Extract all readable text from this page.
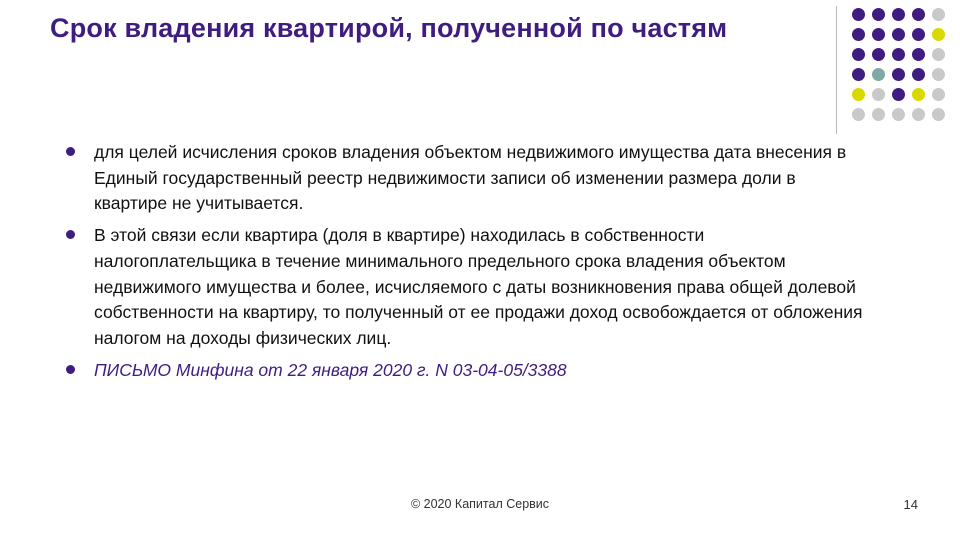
Срок владения квартирой, полученной по частям
для целей исчисления сроков владения объектом недвижимого имущества дата внесения в Единый государственный реестр недвижимости записи об изменении размера доли в квартире не учитывается.
В этой связи если квартира (доля в квартире) находилась в собственности налогоплательщика в течение минимального предельного срока владения объектом недвижимого имущества и более, исчисляемого с даты возникновения права общей долевой собственности на квартиру, то полученный от ее продажи доход освобождается от обложения налогом на доходы физических лиц.
ПИСЬМО Минфина от 22 января 2020 г. N 03-04-05/3388
© 2020 Капитал Сервис	14
